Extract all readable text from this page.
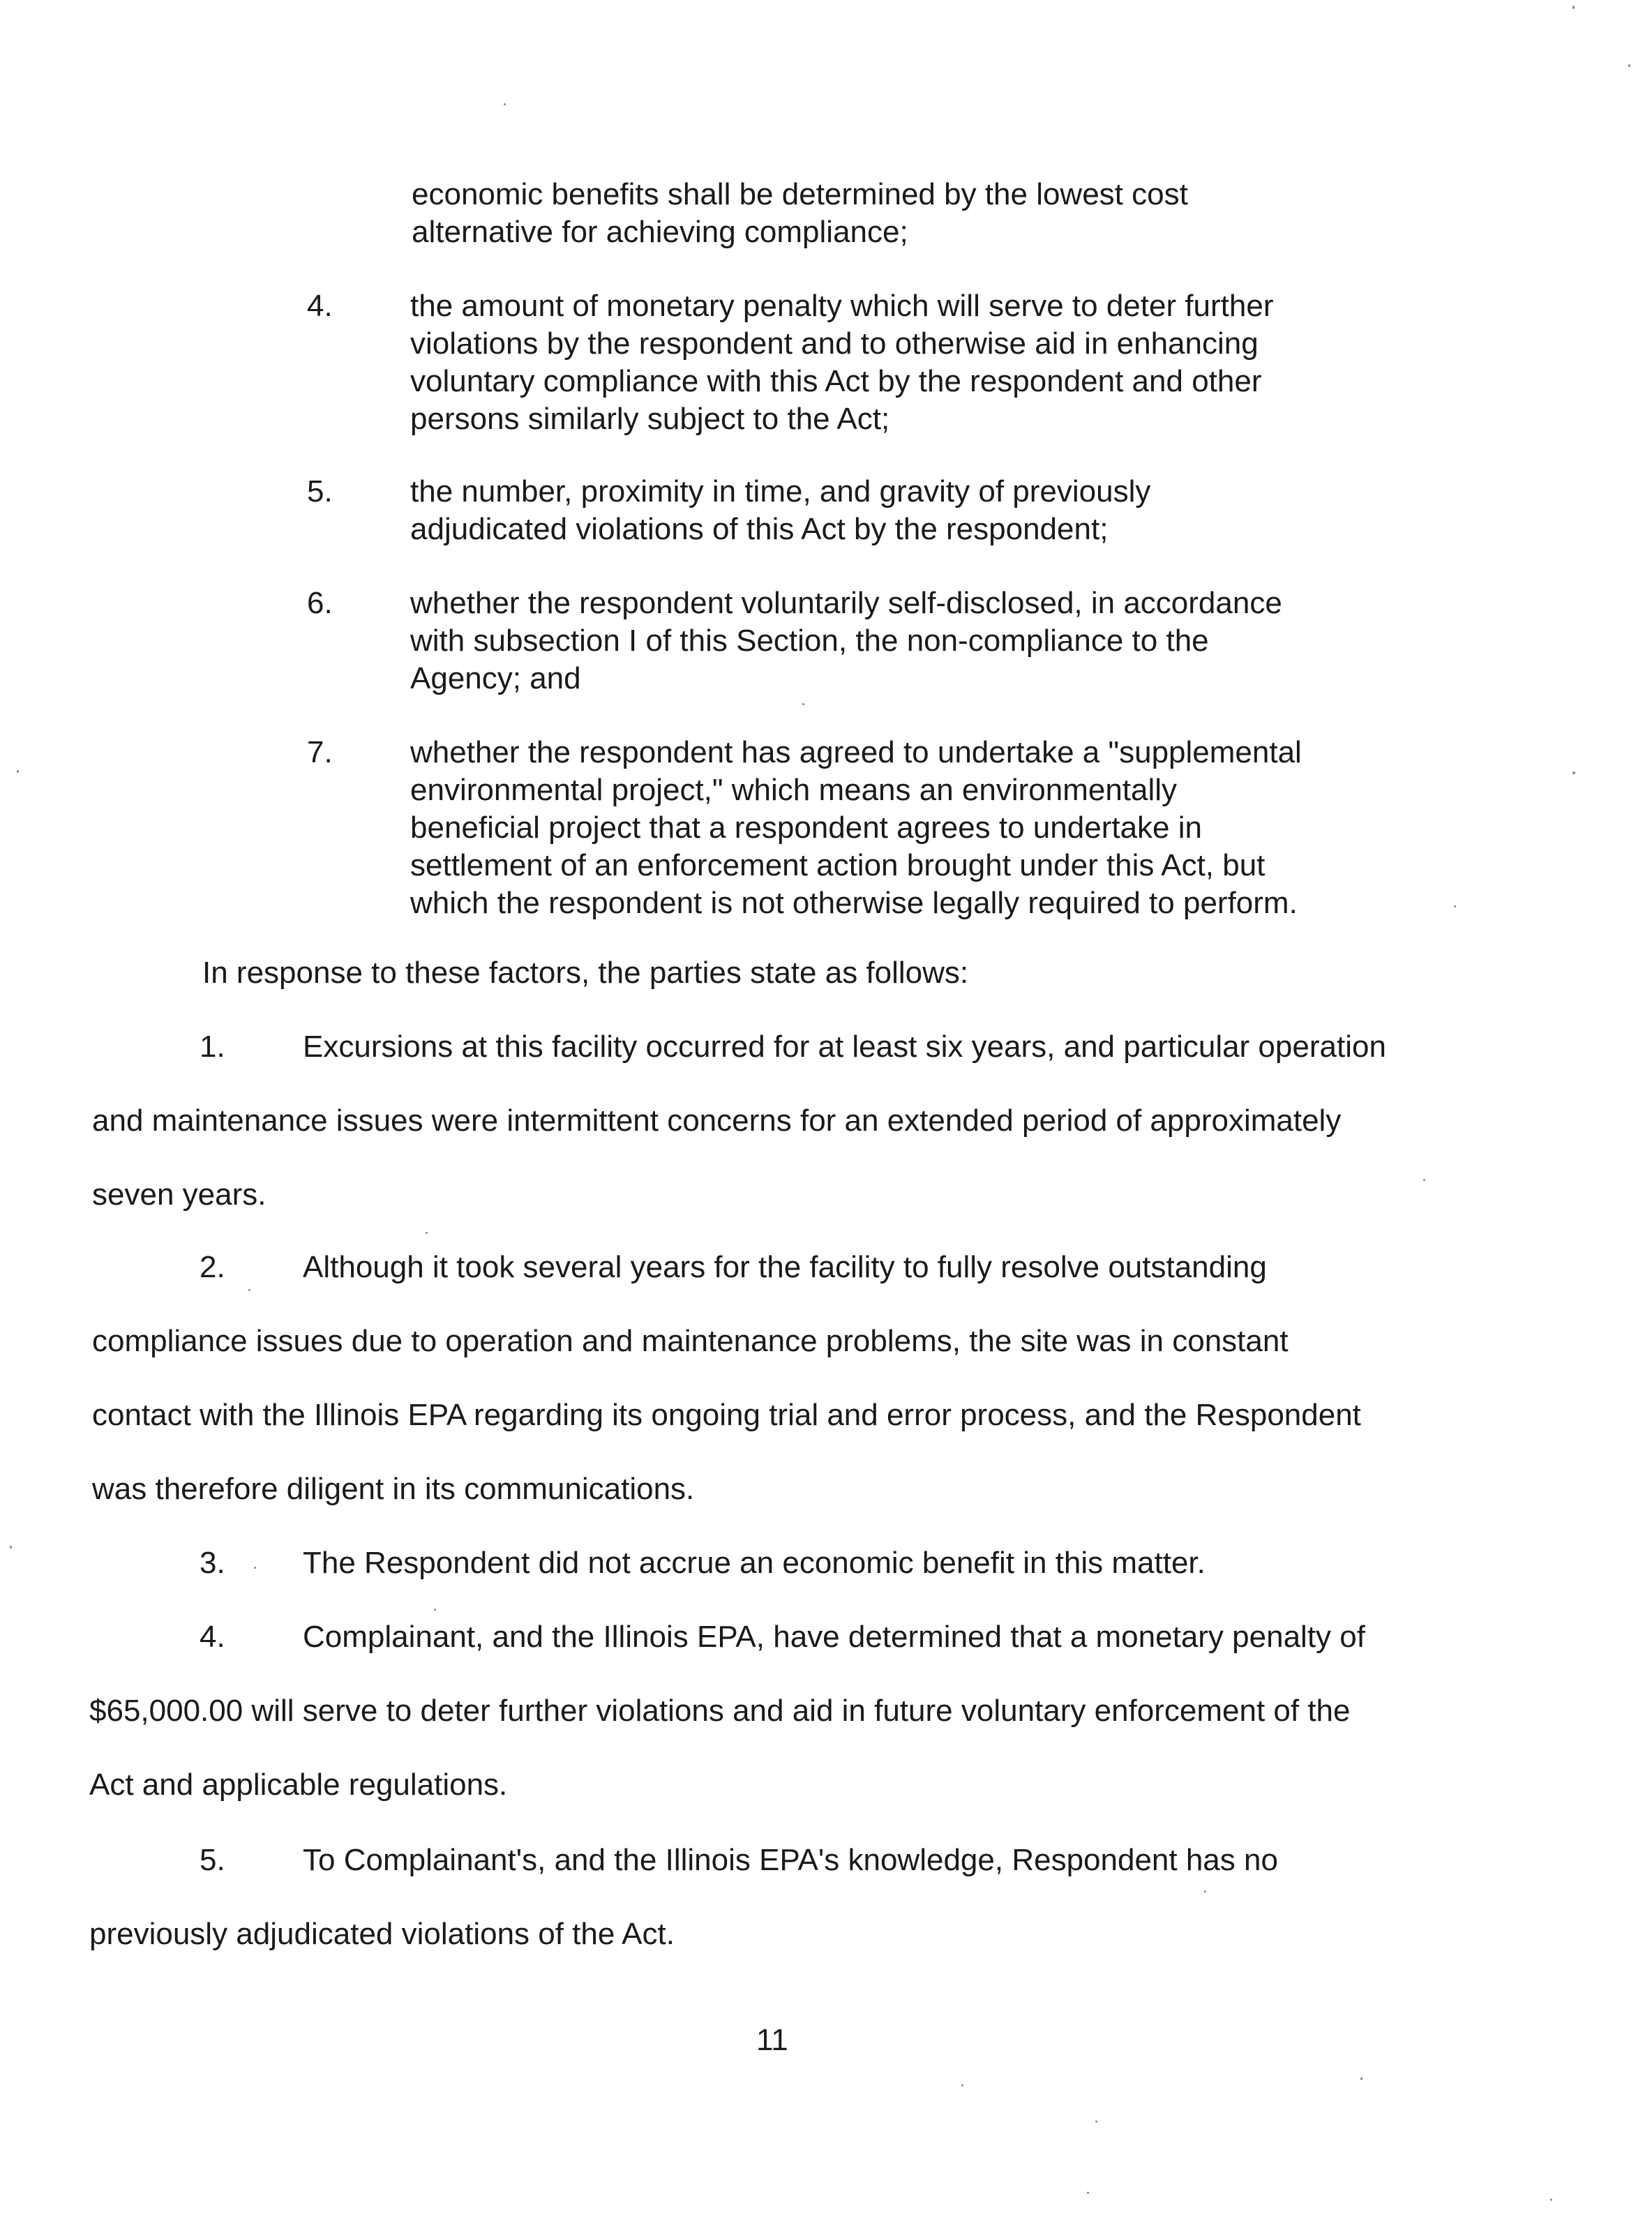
economic benefits shall be determined by the lowest cost
alternative for achieving compliance;
4.	the amount of monetary penalty which will serve to deter further
violations by the respondent and to otherwise aid in enhancing
voluntary compliance with this Act by the respondent and other
persons similarly subject to the Act;
5.	the number, proximity in time, and gravity of previously
adjudicated violations of this Act by the respondent;
6.	whether the respondent voluntarily self-disclosed, in accordance
with subsection I of this Section, the non-compliance to the
Agency; and
7.	whether the respondent has agreed to undertake a "supplemental
environmental project," which means an environmentally
beneficial project that a respondent agrees to undertake in
settlement of an enforcement action brought under this Act, but
which the respondent is not otherwise legally required to perform.
In response to these factors, the parties state as follows:
1.	Excursions at this facility occurred for at least six years, and particular operation
and maintenance issues were intermittent concerns for an extended period of approximately
seven years.
2.	Although it took several years for the facility to fully resolve outstanding
compliance issues due to operation and maintenance problems, the site was in constant
contact with the Illinois EPA regarding its ongoing trial and error process, and the Respondent
was therefore diligent in its communications.
3.	The Respondent did not accrue an economic benefit in this matter.
4.	Complainant, and the Illinois EPA, have determined that a monetary penalty of
$65,000.00 will serve to deter further violations and aid in future voluntary enforcement of the
Act and applicable regulations.
5.	To Complainant's, and the Illinois EPA's knowledge, Respondent has no
previously adjudicated violations of the Act.
11
